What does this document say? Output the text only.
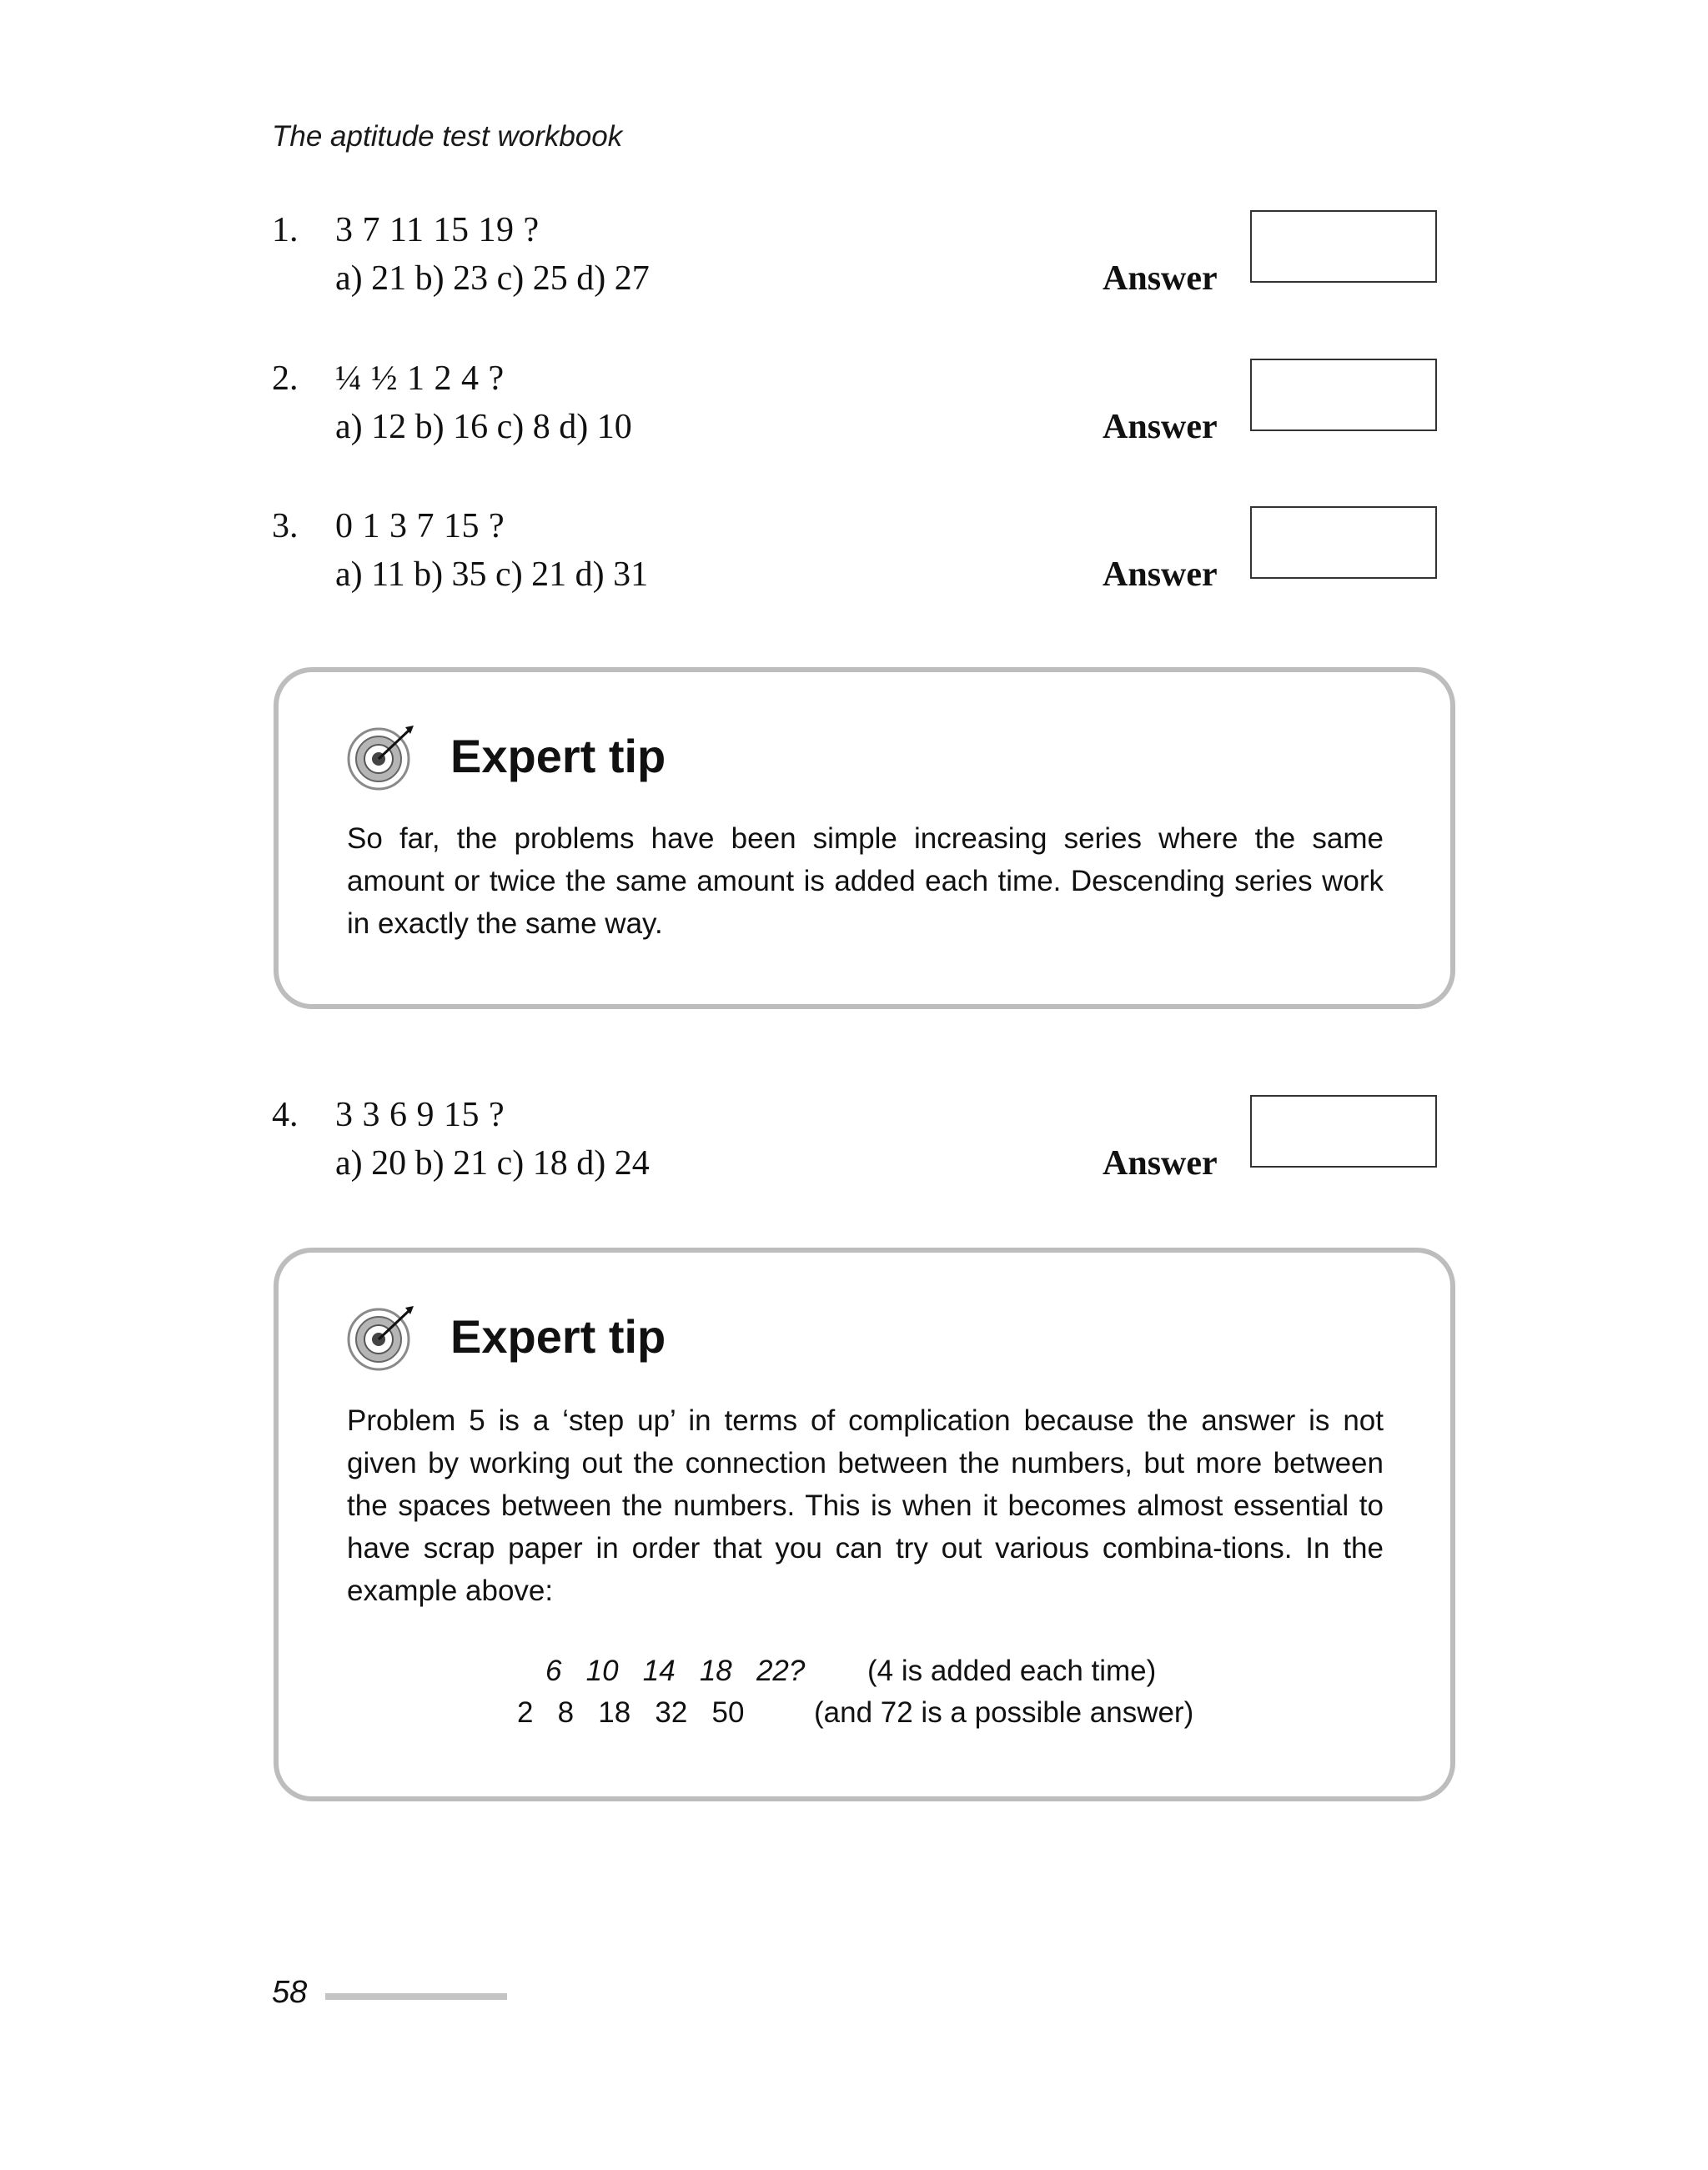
The aptitude test workbook
1. 3 7 11 15 19 ?
a) 21 b) 23 c) 25 d) 27	Answer
2. ¼ ½ 1 2 4 ?
a) 12 b) 16 c) 8 d) 10	Answer
3. 0 1 3 7 15 ?
a) 11 b) 35 c) 21 d) 31	Answer
Expert tip
So far, the problems have been simple increasing series where the same amount or twice the same amount is added each time. Descending series work in exactly the same way.
4. 3 3 6 9 15 ?
a) 20 b) 21 c) 18 d) 24	Answer
Expert tip
Problem 5 is a ‘step up’ in terms of complication because the answer is not given by working out the connection between the numbers, but more between the spaces between the numbers. This is when it becomes almost essential to have scrap paper in order that you can try out various combina-tions. In the example above:
6   10   14   18   22? (4 is added each time)
2   8   18   32   50 (and 72 is a possible answer)
58
